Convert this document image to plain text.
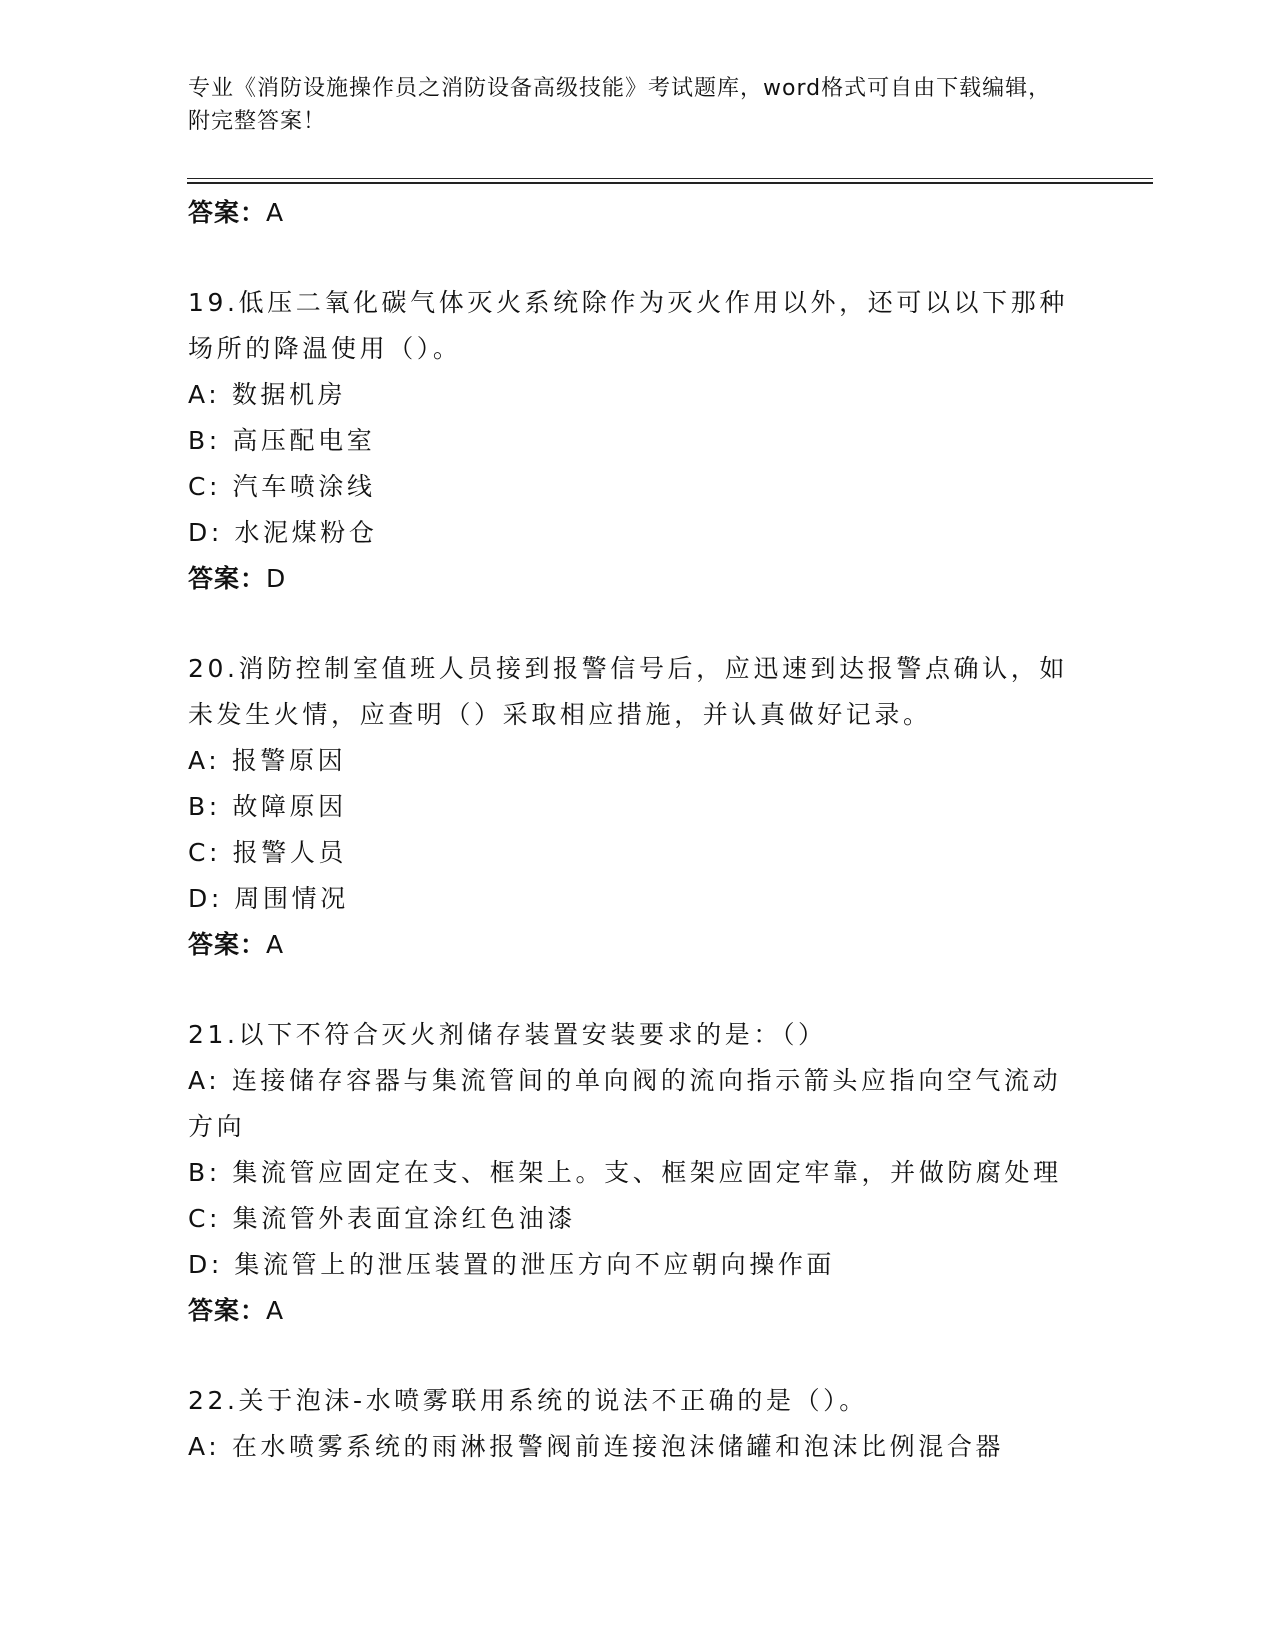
专业《消防设施操作员之消防设备高级技能》考试题库，word格式可自由下载编辑，附完整答案！
答案：A
19.低压二氧化碳气体灭火系统除作为灭火作用以外，还可以以下那种场所的降温使用（）。
A: 数据机房
B: 高压配电室
C: 汽车喷涂线
D: 水泥煤粉仓
答案：D
20.消防控制室值班人员接到报警信号后，应迅速到达报警点确认，如未发生火情，应查明（）采取相应措施，并认真做好记录。
A: 报警原因
B: 故障原因
C: 报警人员
D: 周围情况
答案：A
21.以下不符合灭火剂储存装置安装要求的是：（）
A: 连接储存容器与集流管间的单向阀的流向指示箭头应指向空气流动方向
B: 集流管应固定在支、框架上。支、框架应固定牢靠，并做防腐处理
C: 集流管外表面宜涂红色油漆
D: 集流管上的泄压装置的泄压方向不应朝向操作面
答案：A
22.关于泡沫-水喷雾联用系统的说法不正确的是（）。
A: 在水喷雾系统的雨淋报警阀前连接泡沫储罐和泡沫比例混合器
